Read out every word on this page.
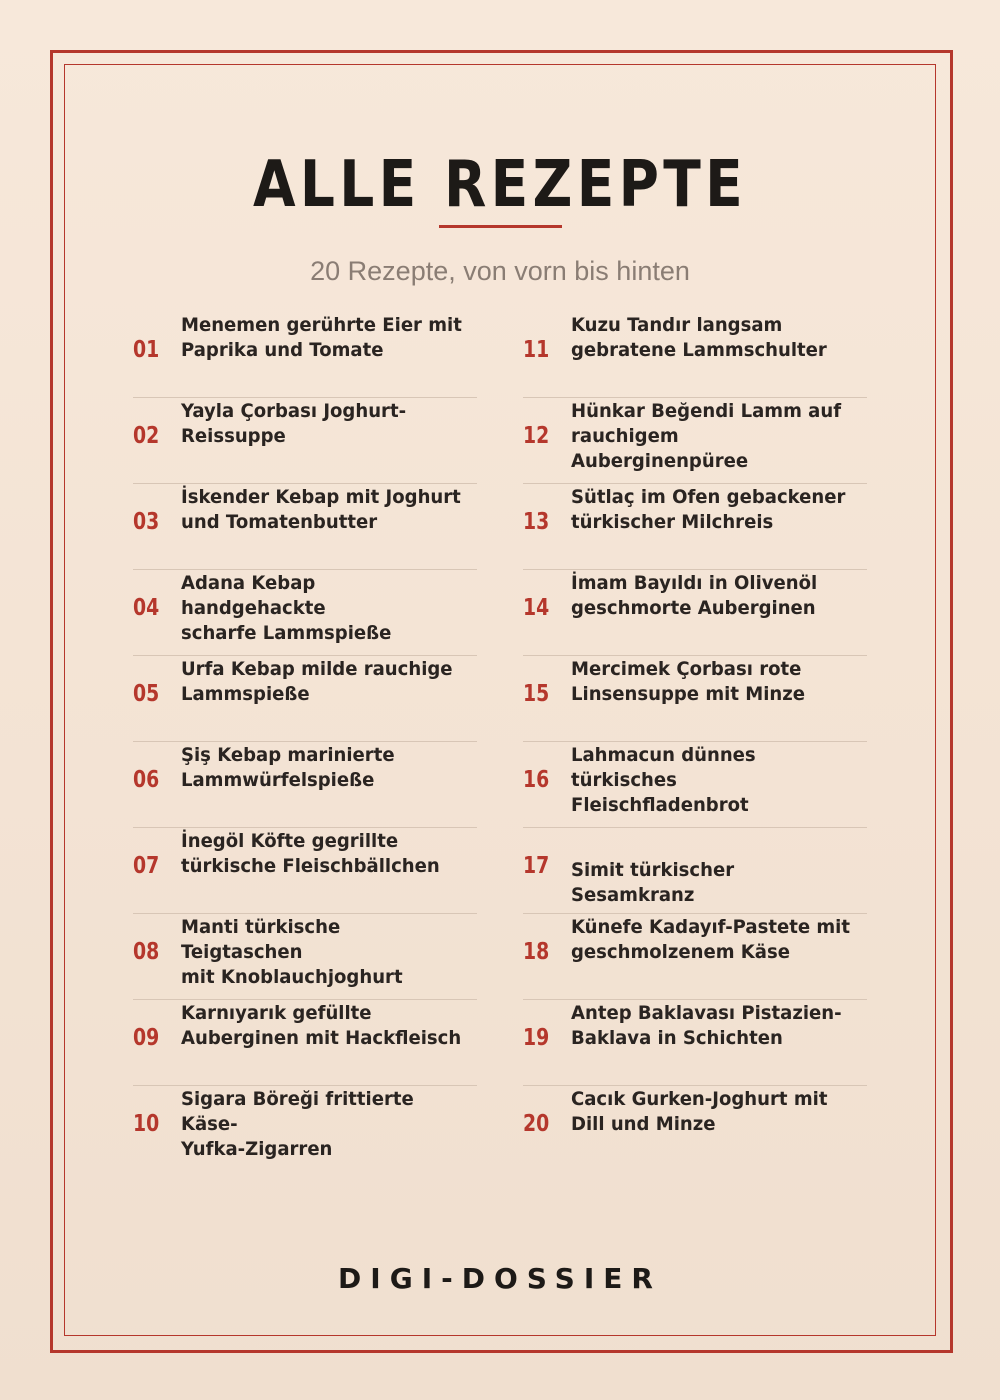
ALLE REZEPTE
20 Rezepte, von vorn bis hinten
01
Menemen gerührte Eier mit
Paprika und Tomate
02
Yayla Çorbası Joghurt-
Reissuppe
03
İskender Kebap mit Joghurt
und Tomatenbutter
04
Adana Kebap handgehackte
scharfe Lammspieße
05
Urfa Kebap milde rauchige
Lammspieße
06
Şiş Kebap marinierte
Lammwürfelspieße
07
İnegöl Köfte gegrillte
türkische Fleischbällchen
08
Manti türkische Teigtaschen
mit Knoblauchjoghurt
09
Karnıyarık gefüllte
Auberginen mit Hackfleisch
10
Sigara Böreği frittierte Käse-
Yufka-Zigarren
11
Kuzu Tandır langsam
gebratene Lammschulter
12
Hünkar Beğendi Lamm auf
rauchigem Auberginenpüree
13
Sütlaç im Ofen gebackener
türkischer Milchreis
14
İmam Bayıldı in Olivenöl
geschmorte Auberginen
15
Mercimek Çorbası rote
Linsensuppe mit Minze
16
Lahmacun dünnes
türkisches Fleischfladenbrot
17 Simit türkischer Sesamkranz
18
Künefe Kadayıf-Pastete mit
geschmolzenem Käse
19
Antep Baklavası Pistazien-
Baklava in Schichten
20
Cacık Gurken-Joghurt mit
Dill und Minze
DIGI-DOSSIER
